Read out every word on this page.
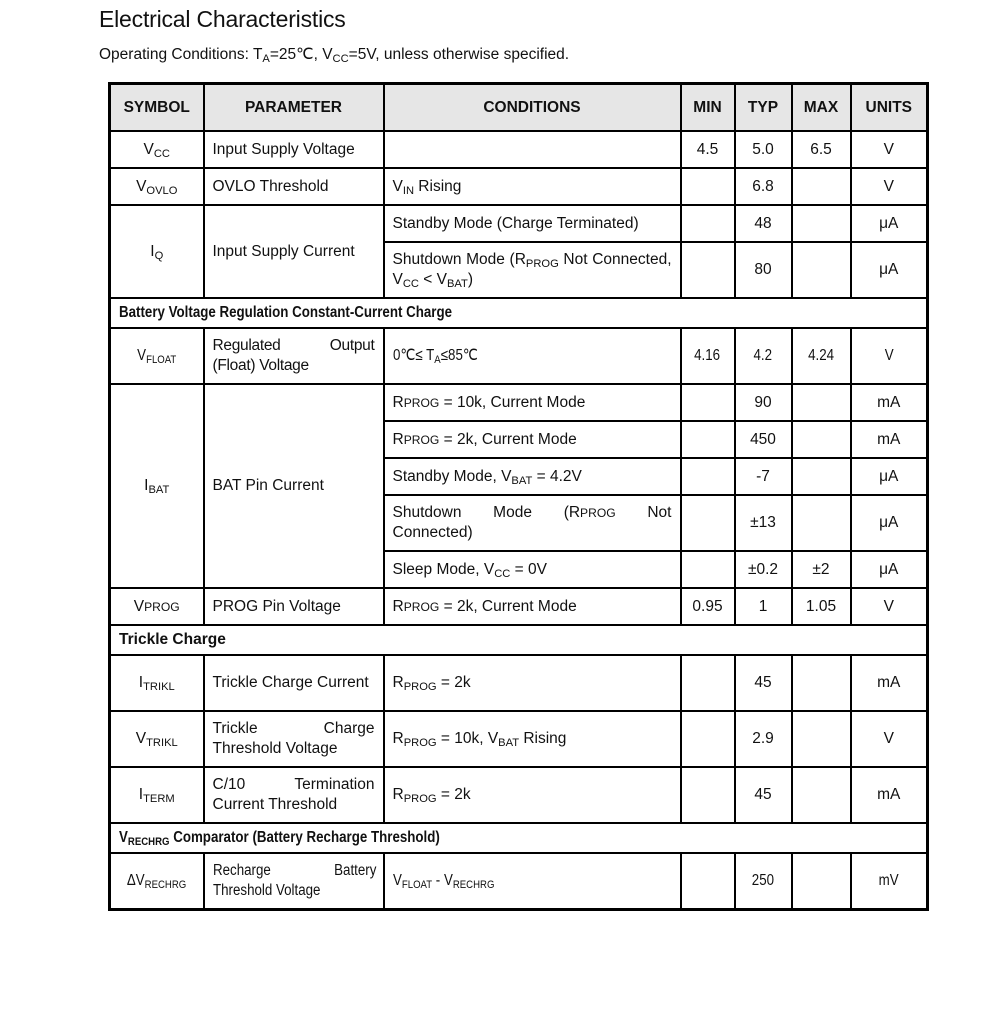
Electrical Characteristics

Operating Conditions: $T_A=25℃$, $V_{CC}=5V$, unless otherwise specified.

SYMBOL	PARAMETER	CONDITIONS	MIN	TYP	MAX	UNITS
$V_{CC}$	Input Supply Voltage		4.5	5.0	6.5	V
$V_{OVLO}$	OVLO Threshold	$V_{IN}$ Rising		6.8		V
$I_Q$	Input Supply Current	Standby Mode (Charge Terminated)		48		μA
		Shutdown Mode ($R_{PROG}$ Not Connected, $V_{CC} < V_{BAT}$)		80		μA
Battery Voltage Regulation Constant-Current Charge						
$V_{FLOAT}$	Regulated Output (Float) Voltage	0℃≤ $T_A\le 85℃$	4.16	4.2	4.24	V
$I_{BAT}$	BAT Pin Current	RPROG = 10k, Current Mode		90		mA
		RPROG = 2k, Current Mode		450		mA
		Standby Mode, $V_{BAT} = 4.2V$		-7		μA
		Shutdown Mode (RPROG Not Connected)		±13		μA
		Sleep Mode, $V_{CC} = 0V$		±0.2	±2	μA
VPROG	PROG Pin Voltage	RPROG = 2k, Current Mode	0.95	1	1.05	V
Trickle Charge						
$I_{TRIKL}$	Trickle Charge Current	$R_{PROG} = 2k$		45		mA
$V_{TRIKL}$	Trickle Charge Threshold Voltage	$R_{PROG} = 10k$, $V_{BAT}$ Rising		2.9		V
$I_{TERM}$	C/10 Termination Current Threshold	$R_{PROG} = 2k$		45		mA
$V_{RECHRG}$ Comparator (Battery Recharge Threshold)						
$\Delta V_{RECHRG}$	Recharge Battery Threshold Voltage	$V_{FLOAT} - V_{RECHRG}$		250		mV
